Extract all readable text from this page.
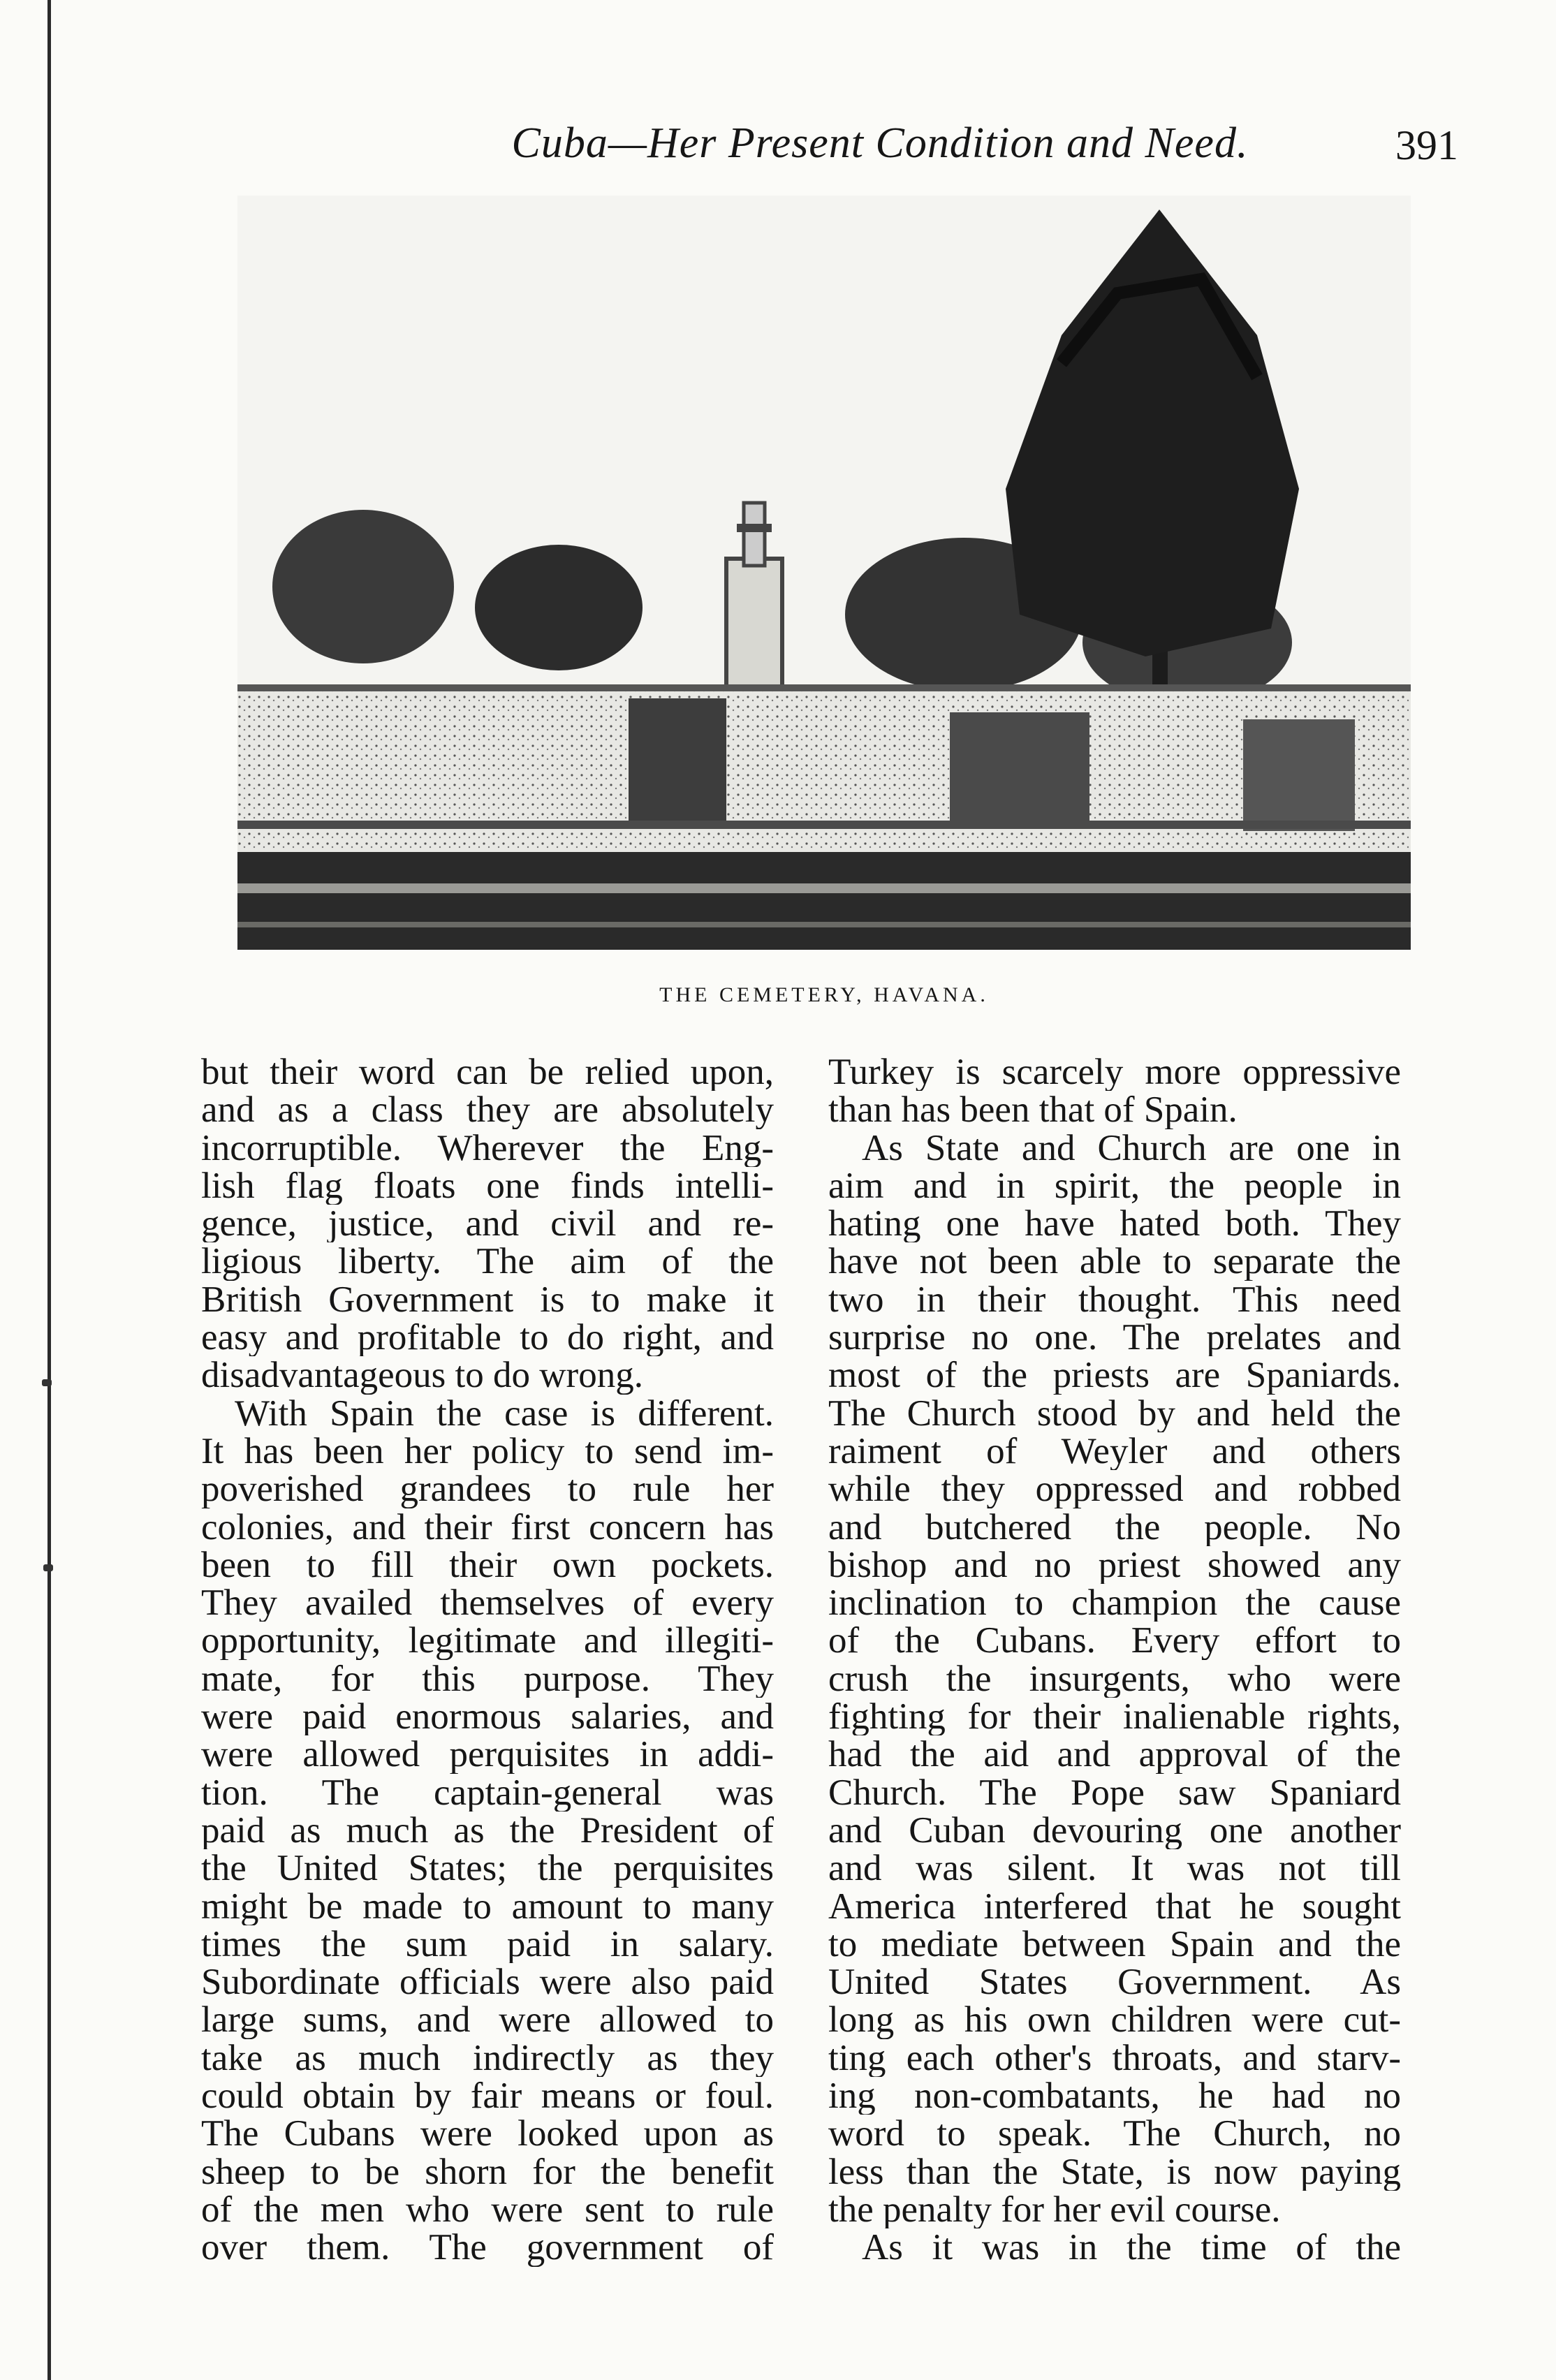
Cuba—Her Present Condition and Need.	391
THE CEMETERY, HAVANA.
but their word can be relied upon,
and as a class they are absolutely
incorruptible. Wherever the Eng-
lish flag floats one finds intelli-
gence, justice, and civil and re-
ligious liberty. The aim of the
British Government is to make it
easy and profitable to do right, and
disadvantageous to do wrong.
With Spain the case is different.
It has been her policy to send im-
poverished grandees to rule her
colonies, and their first concern has
been to fill their own pockets.
They availed themselves of every
opportunity, legitimate and illegiti-
mate, for this purpose. They
were paid enormous salaries, and
were allowed perquisites in addi-
tion. The captain-general was
paid as much as the President of
the United States; the perquisites
might be made to amount to many
times the sum paid in salary.
Subordinate officials were also paid
large sums, and were allowed to
take as much indirectly as they
could obtain by fair means or foul.
The Cubans were looked upon as
sheep to be shorn for the benefit
of the men who were sent to rule
over them. The government of
Turkey is scarcely more oppressive
than has been that of Spain.
As State and Church are one in
aim and in spirit, the people in
hating one have hated both. They
have not been able to separate the
two in their thought. This need
surprise no one. The prelates and
most of the priests are Spaniards.
The Church stood by and held the
raiment of Weyler and others
while they oppressed and robbed
and butchered the people. No
bishop and no priest showed any
inclination to champion the cause
of the Cubans. Every effort to
crush the insurgents, who were
fighting for their inalienable rights,
had the aid and approval of the
Church. The Pope saw Spaniard
and Cuban devouring one another
and was silent. It was not till
America interfered that he sought
to mediate between Spain and the
United States Government. As
long as his own children were cut-
ting each other's throats, and starv-
ing non-combatants, he had no
word to speak. The Church, no
less than the State, is now paying
the penalty for her evil course.
As it was in the time of the
